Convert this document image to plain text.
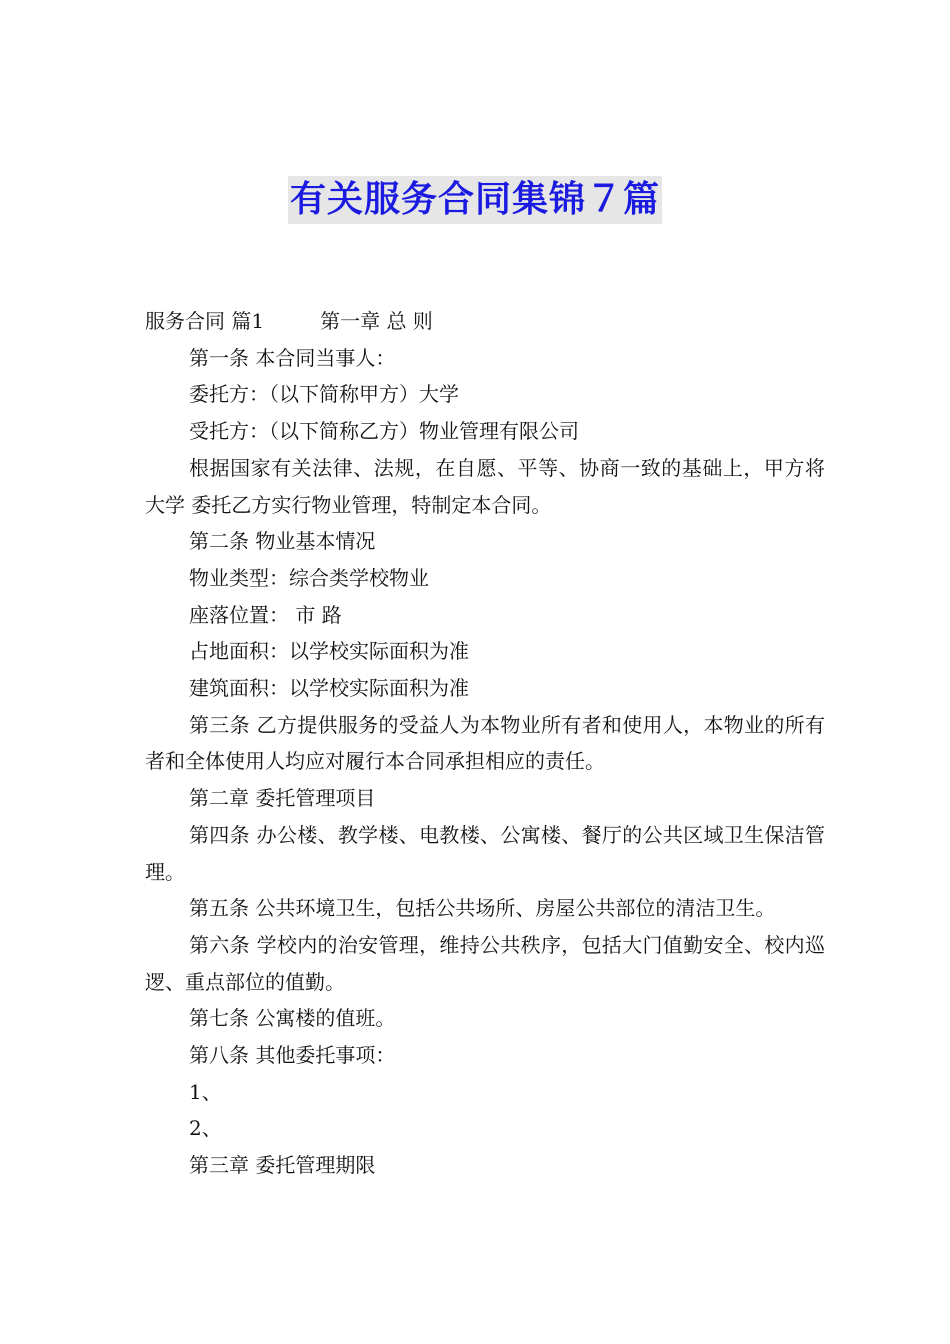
有关服务合同集锦７篇

服务合同 篇1	第一章 总 则

第一条 本合同当事人：

委托方：（以下简称甲方）大学

受托方：（以下简称乙方）物业管理有限公司

根据国家有关法律、法规，在自愿、平等、协商一致的基础上，甲方将 大学 委托乙方实行物业管理，特制定本合同。

第二条 物业基本情况

物业类型：综合类学校物业

座落位置： 市 路

占地面积：以学校实际面积为准

建筑面积：以学校实际面积为准

第三条 乙方提供服务的受益人为本物业所有者和使用人，本物业的所有者和全体使用人均应对履行本合同承担相应的责任。

第二章 委托管理项目

第四条 办公楼、教学楼、电教楼、公寓楼、餐厅的公共区域卫生保洁管理。

第五条 公共环境卫生，包括公共场所、房屋公共部位的清洁卫生。

第六条 学校内的治安管理，维持公共秩序，包括大门值勤安全、校内巡逻、重点部位的值勤。

第七条 公寓楼的值班。

第八条 其他委托事项：

1、

2、

第三章 委托管理期限
